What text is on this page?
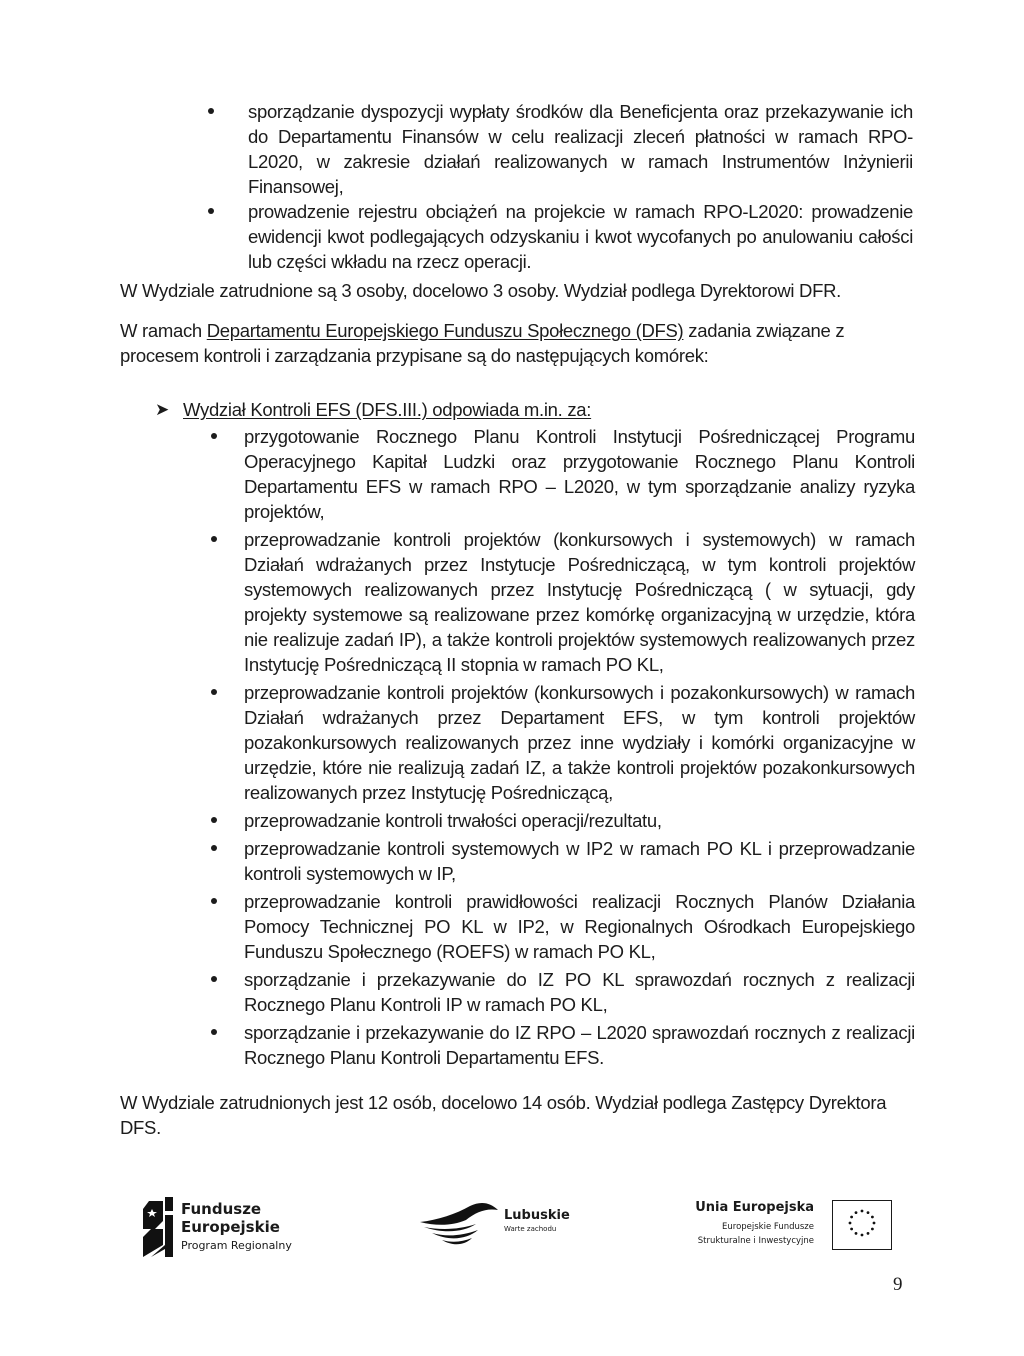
sporządzanie dyspozycji wypłaty środków dla Beneficjenta oraz przekazywanie ich do Departamentu Finansów w celu realizacji zleceń płatności w ramach RPO-L2020, w zakresie działań realizowanych w ramach Instrumentów Inżynierii Finansowej,
prowadzenie rejestru obciążeń na projekcie w ramach RPO-L2020: prowadzenie ewidencji kwot podlegających odzyskaniu i kwot wycofanych po anulowaniu całości lub części wkładu na rzecz operacji.
W Wydziale zatrudnione są 3 osoby, docelowo 3 osoby. Wydział podlega Dyrektorowi DFR.
W ramach Departamentu Europejskiego Funduszu Społecznego (DFS) zadania związane z procesem kontroli i zarządzania przypisane są do następujących komórek:
➤ Wydział Kontroli EFS (DFS.III.) odpowiada m.in. za:
przygotowanie Rocznego Planu Kontroli Instytucji Pośredniczącej Programu Operacyjnego Kapitał Ludzki oraz przygotowanie Rocznego Planu Kontroli Departamentu EFS w ramach RPO – L2020, w tym sporządzanie analizy ryzyka projektów,
przeprowadzanie kontroli projektów (konkursowych i systemowych) w ramach Działań wdrażanych przez Instytucje Pośredniczącą, w tym kontroli projektów systemowych realizowanych przez Instytucję Pośredniczącą ( w sytuacji, gdy projekty systemowe są realizowane przez komórkę organizacyjną w urzędzie, która nie realizuje zadań IP), a także kontroli projektów systemowych realizowanych przez Instytucję Pośredniczącą II stopnia w ramach PO KL,
przeprowadzanie kontroli projektów (konkursowych i pozakonkursowych) w ramach Działań wdrażanych przez Departament EFS, w tym kontroli projektów pozakonkursowych realizowanych przez inne wydziały i komórki organizacyjne w urzędzie, które nie realizują zadań IZ, a także kontroli projektów pozakonkursowych realizowanych przez Instytucję Pośredniczącą,
przeprowadzanie kontroli trwałości operacji/rezultatu,
przeprowadzanie kontroli systemowych w IP2 w ramach PO KL i przeprowadzanie kontroli systemowych w IP,
przeprowadzanie kontroli prawidłowości realizacji Rocznych Planów Działania Pomocy Technicznej PO KL w IP2, w Regionalnych Ośrodkach Europejskiego Funduszu Społecznego (ROEFS) w ramach PO KL,
sporządzanie i przekazywanie do IZ PO KL sprawozdań rocznych z realizacji Rocznego Planu Kontroli IP w ramach PO KL,
sporządzanie i przekazywanie do IZ RPO – L2020 sprawozdań rocznych z realizacji Rocznego Planu Kontroli Departamentu EFS.
W Wydziale zatrudnionych jest 12 osób, docelowo 14 osób. Wydział podlega Zastępcy Dyrektora DFS.
Fundusze
Europejskie
Program Regionalny
Lubuskie
Warte zachodu
Unia Europejska
Europejskie Fundusze
Strukturalne i Inwestycyjne
9
